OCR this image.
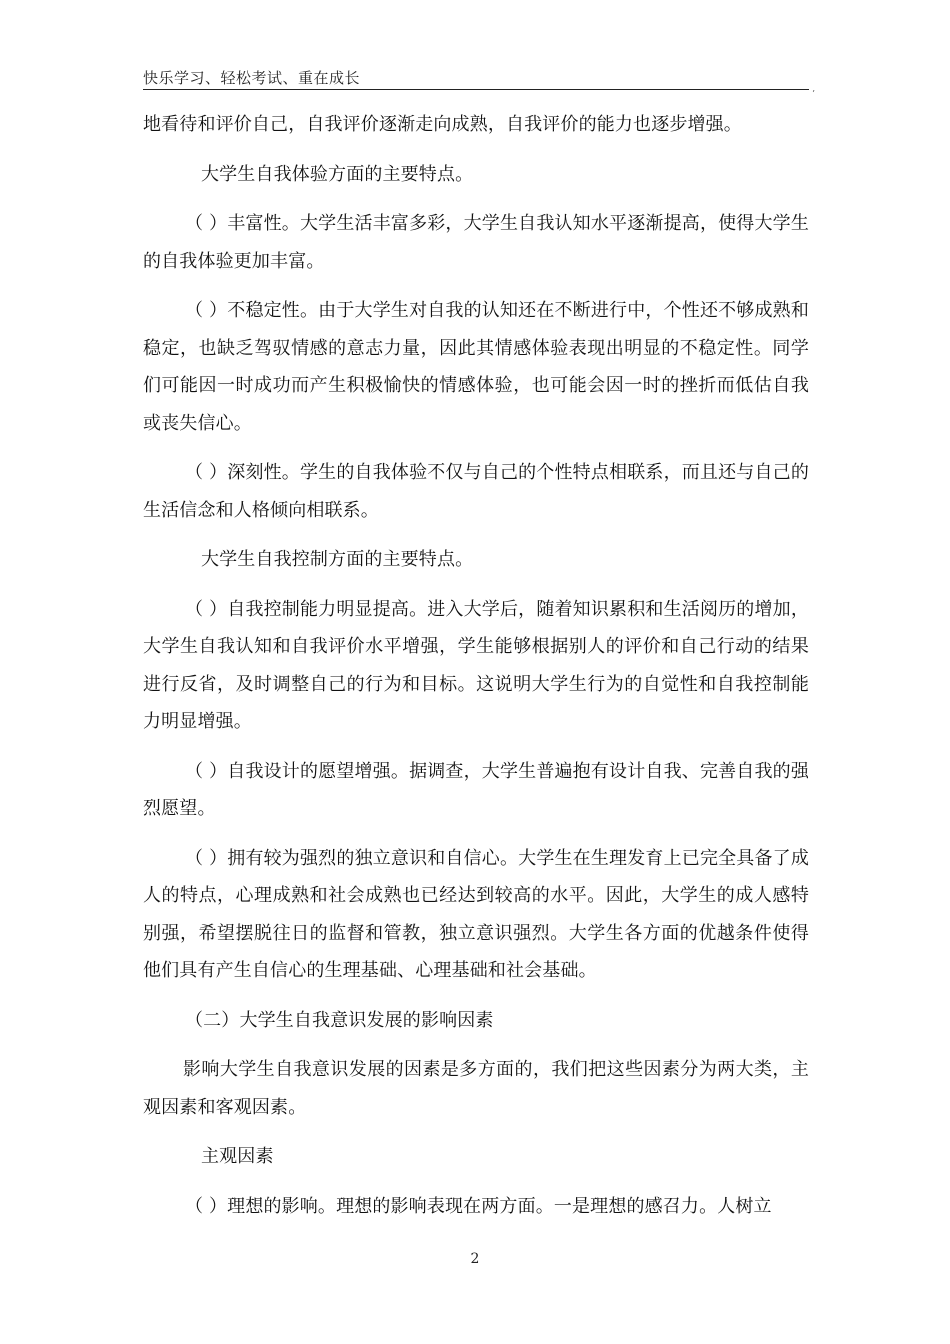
快乐学习、轻松考试、重在成长
,

地看待和评价自己，自我评价逐渐走向成熟，自我评价的能力也逐步增强。

大学生自我体验方面的主要特点。

（ ）丰富性。大学生活丰富多彩，大学生自我认知水平逐渐提高，使得大学生的自我体验更加丰富。

（ ）不稳定性。由于大学生对自我的认知还在不断进行中，个性还不够成熟和稳定，也缺乏驾驭情感的意志力量，因此其情感体验表现出明显的不稳定性。同学们可能因一时成功而产生积极愉快的情感体验，也可能会因一时的挫折而低估自我或丧失信心。

（ ）深刻性。学生的自我体验不仅与自己的个性特点相联系，而且还与自己的生活信念和人格倾向相联系。

大学生自我控制方面的主要特点。

（ ）自我控制能力明显提高。进入大学后，随着知识累积和生活阅历的增加，大学生自我认知和自我评价水平增强，学生能够根据别人的评价和自己行动的结果进行反省，及时调整自己的行为和目标。这说明大学生行为的自觉性和自我控制能力明显增强。

（ ）自我设计的愿望增强。据调查，大学生普遍抱有设计自我、完善自我的强烈愿望。

（ ）拥有较为强烈的独立意识和自信心。大学生在生理发育上已完全具备了成人的特点，心理成熟和社会成熟也已经达到较高的水平。因此，大学生的成人感特别强，希望摆脱往日的监督和管教，独立意识强烈。大学生各方面的优越条件使得他们具有产生自信心的生理基础、心理基础和社会基础。

（二）大学生自我意识发展的影响因素

影响大学生自我意识发展的因素是多方面的，我们把这些因素分为两大类，主观因素和客观因素。

主观因素

（ ）理想的影响。理想的影响表现在两方面。一是理想的感召力。人树立

2
